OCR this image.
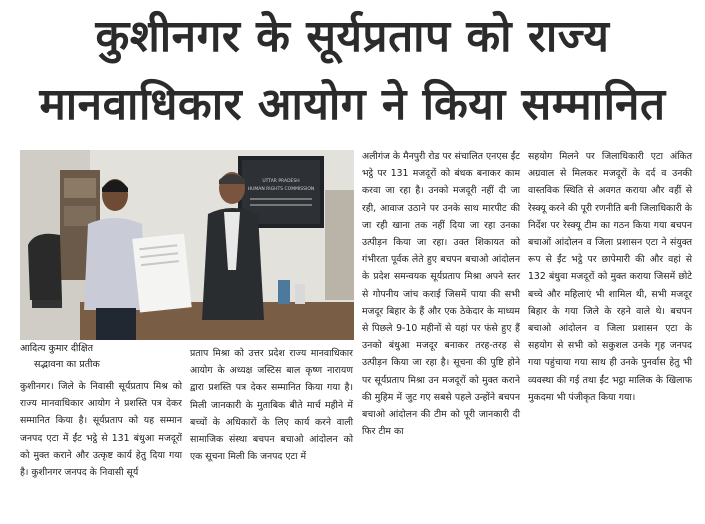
कुशीनगर के सूर्यप्रताप को राज्य
मानवाधिकार आयोग ने किया सम्मानित
UTTAR PRADESH
HUMAN RIGHTS COMMISSION
आदित्य कुमार दीक्षित
सद्भावना का प्रतीक

कुशीनगर। जिले के निवासी सूर्यप्रताप मिश्र को राज्य मानवाधिकार आयोग ने प्रशस्ति पत्र देकर सम्मानित किया है। सूर्यप्रताप को यह सम्मान जनपद एटा में ईंट भट्ठे से 131 बंधुआ मजदूरों को मुक्त कराने और उत्कृष्ट कार्य हेतु दिया गया है। कुशीनगर जनपद के निवासी सूर्य

प्रताप मिश्रा को उत्तर प्रदेश राज्य मानवाधिकार आयोग के अध्यक्ष जस्टिस बाल कृष्ण नारायण द्वारा प्रशस्ति पत्र देकर सम्मानित किया गया है। मिली जानकारी के मुताबिक बीते मार्च महीने में बच्चों के अधिकारों के लिए कार्य करने वाली सामाजिक संस्था बचपन बचाओ आंदोलन को एक सूचना मिली कि जनपद एटा में

अलीगंज के मैनपुरी रोड पर संचालित एनएस ईंट भट्ठे पर 131 मजदूरों को बंधक बनाकर काम करवा जा रहा है। उनको मजदूरी नहीं दी जा रही, आवाज उठाने पर उनके साथ मारपीट की जा रही खाना तक नहीं दिया जा रहा उनका उत्पीड़न किया जा रहा। उक्त शिकायत को गंभीरता पूर्वक लेते हुए बचपन बचाओ आंदोलन के प्रदेश समन्वयक सूर्यप्रताप मिश्रा अपने स्तर से गोपनीय जांच कराई जिसमें पाया की सभी मजदूर बिहार के हैं और एक ठेकेदार के माध्यम से पिछले 9-10 महीनों से यहां पर फंसे हुए हैं उनको बंधुआ मजदूर बनाकर तरह-तरह से उत्पीड़न किया जा रहा है। सूचना की पुष्टि होने पर सूर्यप्रताप मिश्रा उन मजदूरों को मुक्त कराने की मुहिम में जुट गए सबसे पहले उन्होंने बचपन बचाओ आंदोलन की टीम को पूरी जानकारी दी फिर टीम का

सहयोग मिलने पर जिलाधिकारी एटा अंकित अग्रवाल से मिलकर मजदूरों के दर्द व उनकी वास्तविक स्थिति से अवगत कराया और वहीं से रेस्क्यू करने की पूरी रणनीति बनी जिलाधिकारी के निर्देश पर रेस्क्यू टीम का गठन किया गया बचपन बचाओं आंदोलन व जिला प्रशासन एटा ने संयुक्त रूप से ईंट भट्ठे पर छापेमारी की और वहां से 132 बंधुवा मजदूरों को मुक्त कराया जिसमें छोटे बच्चे और महिलाएं भी शामिल थी, सभी मजदूर बिहार के गया जिले के रहने वाले थे। बचपन बचाओ आंदोलन व जिला प्रशासन एटा के सहयोग से सभी को सकुशल उनके गृह जनपद गया पहुंचाया गया साथ ही उनके पुनर्वास हेतु भी व्यवस्था की गई तथा ईंट भट्ठा मालिक के खिलाफ मुकदमा भी पंजीकृत किया गया।
